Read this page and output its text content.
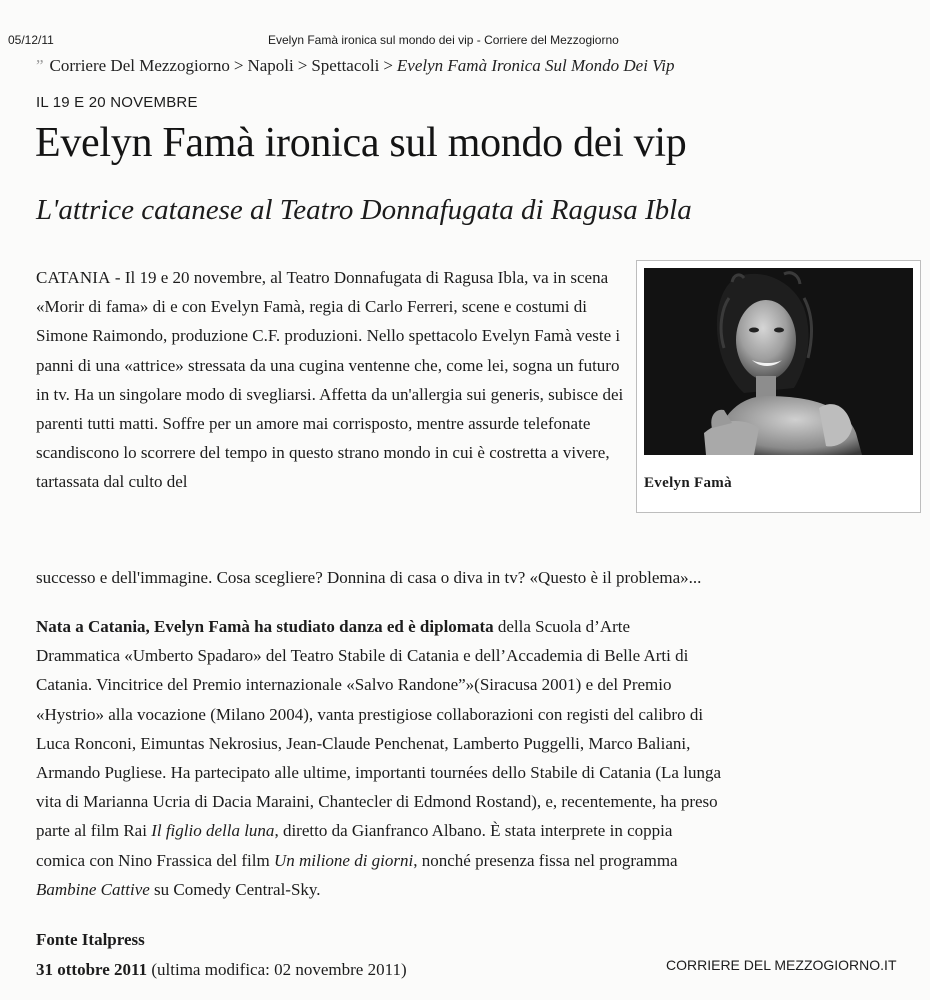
05/12/11	Evelyn Famà ironica sul mondo dei vip - Corriere del Mezzogiorno
” Corriere Del Mezzogiorno > Napoli > Spettacoli > Evelyn Famà Ironica Sul Mondo Dei Vip
IL 19 E 20 NOVEMBRE
Evelyn Famà ironica sul mondo dei vip
L'attrice catanese al Teatro Donnafugata di Ragusa Ibla

CATANIA - Il 19 e 20 novembre, al Teatro Donnafugata di Ragusa Ibla, va in scena «Morir di fama» di e con Evelyn Famà, regia di Carlo Ferreri, scene e costumi di Simone Raimondo, produzione C.F. produzioni. Nello spettacolo Evelyn Famà veste i panni di una «attrice» stressata da una cugina ventenne che, come lei, sogna un futuro in tv. Ha un singolare modo di svegliarsi. Affetta da un'allergia sui generis, subisce dei parenti tutti matti. Soffre per un amore mai corrisposto, mentre assurde telefonate scandiscono lo scorrere del tempo in questo strano mondo in cui è costretta a vivere, tartassata dal culto del

successo e dell'immagine. Cosa scegliere? Donnina di casa o diva in tv? «Questo è il problema»...

Evelyn Famà
Nata a Catania, Evelyn Famà ha studiato danza ed è diplomata della Scuola d’Arte
Drammatica «Umberto Spadaro» del Teatro Stabile di Catania e dell’Accademia di Belle Arti di
Catania. Vincitrice del Premio internazionale «Salvo Randone”»(Siracusa 2001) e del Premio
«Hystrio» alla vocazione (Milano 2004), vanta prestigiose collaborazioni con registi del calibro di
Luca Ronconi, Eimuntas Nekrosius, Jean-Claude Penchenat, Lamberto Puggelli, Marco Baliani,
Armando Pugliese. Ha partecipato alle ultime, importanti tournées dello Stabile di Catania (La lunga
vita di Marianna Ucria di Dacia Maraini, Chantecler di Edmond Rostand), e, recentemente, ha preso
parte al film Rai Il figlio della luna, diretto da Gianfranco Albano. È stata interprete in coppia
comica con Nino Frassica del film Un milione di giorni, nonché presenza fissa nel programma
Bambine Cattive su Comedy Central-Sky.
Fonte Italpress
31 ottobre 2011 (ultima modifica: 02 novembre 2011)	CORRIERE DEL MEZZOGIORNO.IT
